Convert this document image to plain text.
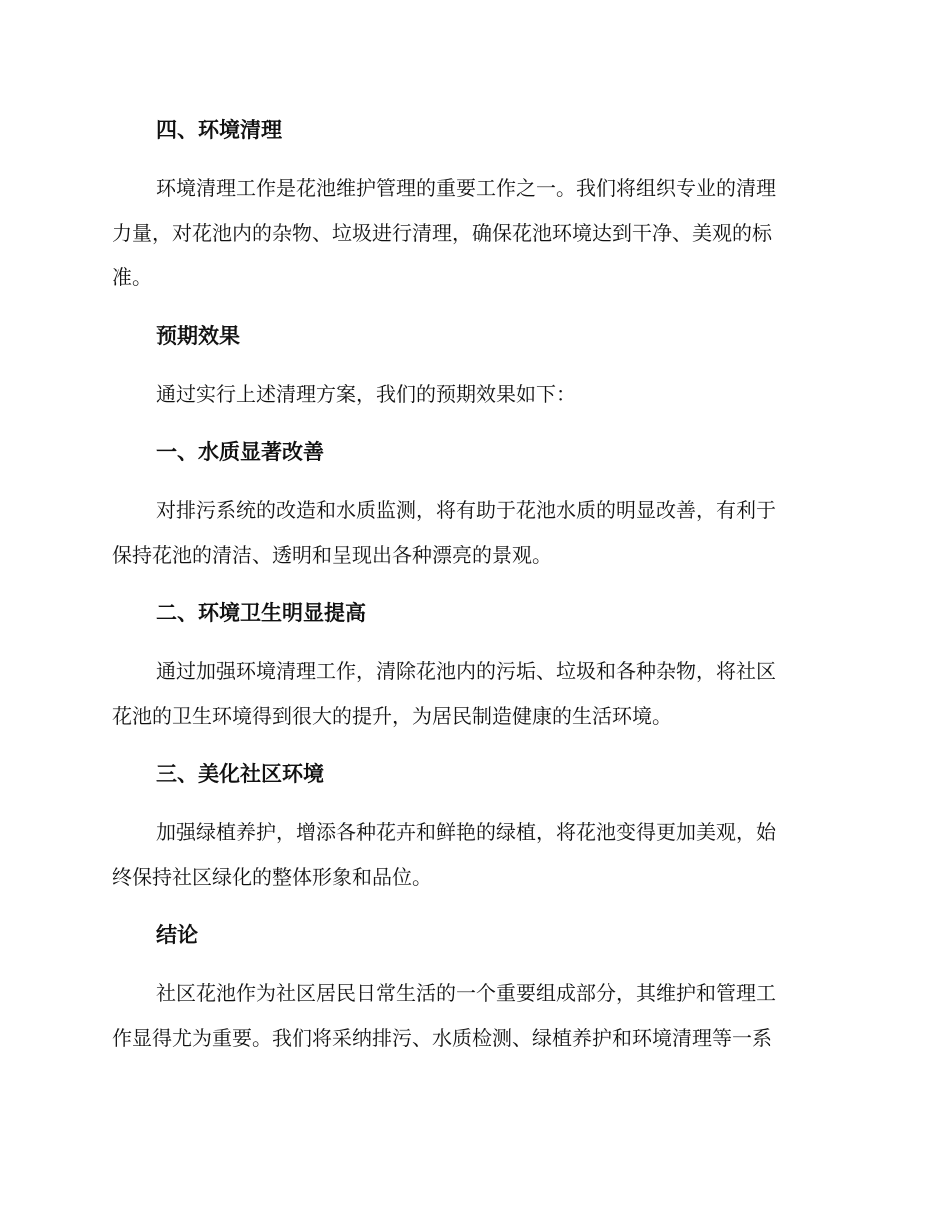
四、环境清理

环境清理工作是花池维护管理的重要工作之一。我们将组织专业的清理
力量，对花池内的杂物、垃圾进行清理，确保花池环境达到干净、美观的标
准。

预期效果

通过实行上述清理方案，我们的预期效果如下：

一、水质显著改善

对排污系统的改造和水质监测，将有助于花池水质的明显改善，有利于
保持花池的清洁、透明和呈现出各种漂亮的景观。

二、环境卫生明显提高

通过加强环境清理工作，清除花池内的污垢、垃圾和各种杂物，将社区
花池的卫生环境得到很大的提升，为居民制造健康的生活环境。

三、美化社区环境

加强绿植养护，增添各种花卉和鲜艳的绿植，将花池变得更加美观，始
终保持社区绿化的整体形象和品位。

结论

社区花池作为社区居民日常生活的一个重要组成部分，其维护和管理工
作显得尤为重要。我们将采纳排污、水质检测、绿植养护和环境清理等一系
